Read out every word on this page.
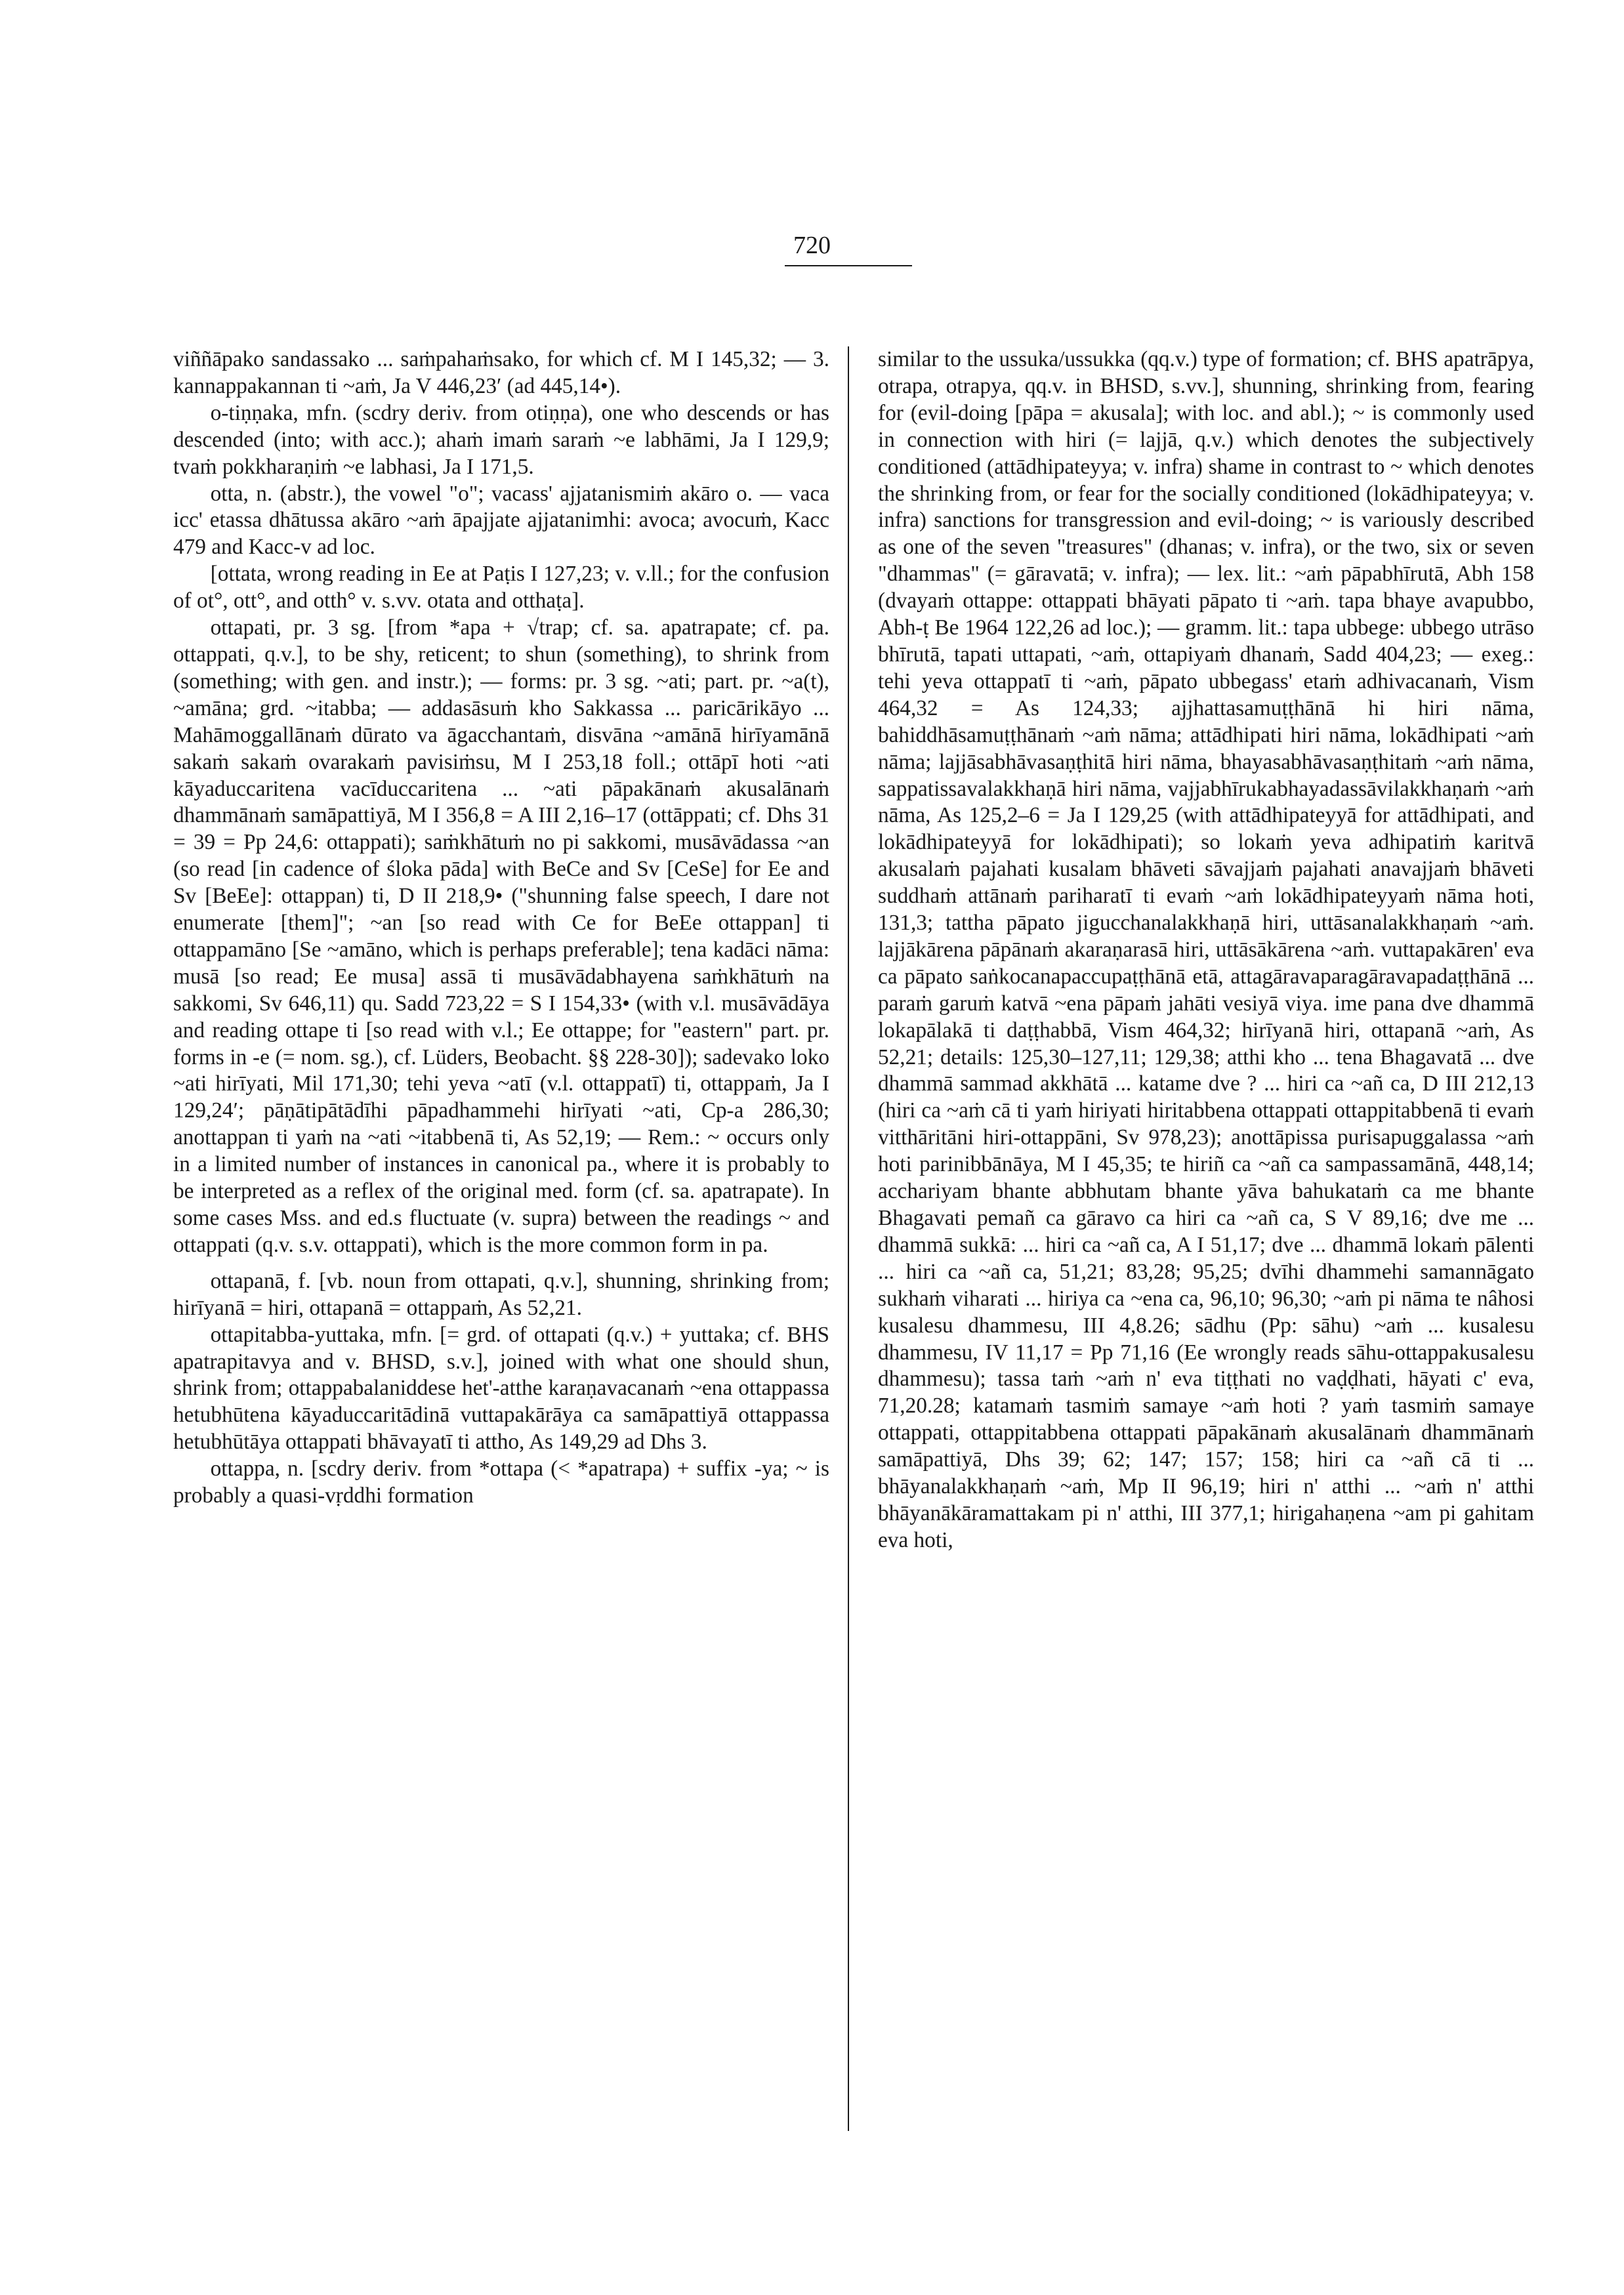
720

viññāpako sandassako ... saṁpahaṁsako, for which cf. M I 145,32; — 3. kannappakannan ti ~aṁ, Ja V 446,23′ (ad 445,14•).

o-tiṇṇaka, mfn. (scdry deriv. from otiṇṇa), one who descends or has descended (into; with acc.); ahaṁ imaṁ saraṁ ~e labhāmi, Ja I 129,9; tvaṁ pokkharaṇiṁ ~e labhasi, Ja I 171,5.

otta, n. (abstr.), the vowel "o"; vacass' ajjatanismiṁ akāro o. — vaca icc' etassa dhātussa akāro ~aṁ āpajjate ajjatanimhi: avoca; avocuṁ, Kacc 479 and Kacc-v ad loc.

[ottata, wrong reading in Ee at Paṭis I 127,23; v. v.ll.; for the confusion of ot°, ott°, and otth° v. s.vv. otata and otthaṭa].

ottapati, pr. 3 sg. [from *apa + √trap; cf. sa. apatrapate; cf. pa. ottappati, q.v.], to be shy, reticent; to shun (something), to shrink from (something; with gen. and instr.); — forms: pr. 3 sg. ~ati; part. pr. ~a(t), ~amāna; grd. ~itabba; — addasāsuṁ kho Sakkassa ... paricārikāyo ... Mahāmoggallānaṁ dūrato va āgacchantaṁ, disvāna ~amānā hirīyamānā sakaṁ sakaṁ ovarakaṁ pavisiṁsu, M I 253,18 foll.; ottāpī hoti ~ati kāyaduccaritena vacīduccaritena ... ~ati pāpakānaṁ akusalānaṁ dhammānaṁ samāpattiyā, M I 356,8 = A III 2,16–17 (ottāppati; cf. Dhs 31 = 39 = Pp 24,6: ottappati); saṁkhātuṁ no pi sakkomi, musāvādassa ~an (so read [in cadence of śloka pāda] with BeCe and Sv [CeSe] for Ee and Sv [BeEe]: ottappan) ti, D II 218,9• ("shunning false speech, I dare not enumerate [them]"; ~an [so read with Ce for BeEe ottappan] ti ottappamāno [Se ~amāno, which is perhaps preferable]; tena kadāci nāma: musā [so read; Ee musa] assā ti musāvādabhayena saṁkhātuṁ na sakkomi, Sv 646,11) qu. Sadd 723,22 = S I 154,33• (with v.l. musāvādāya and reading ottape ti [so read with v.l.; Ee ottappe; for "eastern" part. pr. forms in -e (= nom. sg.), cf. Lüders, Beobacht. §§ 228-30]); sadevako loko ~ati hirīyati, Mil 171,30; tehi yeva ~atī (v.l. ottappatī) ti, ottappaṁ, Ja I 129,24′; pāṇātipātādīhi pāpadhammehi hirīyati ~ati, Cp-a 286,30; anottappan ti yaṁ na ~ati ~itabbenā ti, As 52,19; — Rem.: ~ occurs only in a limited number of instances in canonical pa., where it is probably to be interpreted as a reflex of the original med. form (cf. sa. apatrapate). In some cases Mss. and ed.s fluctuate (v. supra) between the readings ~ and ottappati (q.v. s.v. ottappati), which is the more common form in pa.

ottapanā, f. [vb. noun from ottapati, q.v.], shunning, shrinking from; hirīyanā = hiri, ottapanā = ottappaṁ, As 52,21.

ottapitabba-yuttaka, mfn. [= grd. of ottapati (q.v.) + yuttaka; cf. BHS apatrapitavya and v. BHSD, s.v.], joined with what one should shun, shrink from; ottappabalaniddese het'-atthe karaṇavacanaṁ ~ena ottappassa hetubhūtena kāyaduccaritādinā vuttapakārāya ca samāpattiyā ottappassa hetubhūtāya ottappati bhāvayatī ti attho, As 149,29 ad Dhs 3.

ottappa, n. [scdry deriv. from *ottapa (< *apatrapa) + suffix -ya; ~ is probably a quasi-vṛddhi formation

similar to the ussuka/ussukka (qq.v.) type of formation; cf. BHS apatrāpya, otrapa, otrapya, qq.v. in BHSD, s.vv.], shunning, shrinking from, fearing for (evil-doing [pāpa = akusala]; with loc. and abl.); ~ is commonly used in connection with hiri (= lajjā, q.v.) which denotes the subjectively conditioned (attādhipateyya; v. infra) shame in contrast to ~ which denotes the shrinking from, or fear for the socially conditioned (lokādhipateyya; v. infra) sanctions for transgression and evil-doing; ~ is variously described as one of the seven "treasures" (dhanas; v. infra), or the two, six or seven "dhammas" (= gāravatā; v. infra); — lex. lit.: ~aṁ pāpabhīrutā, Abh 158 (dvayaṁ ottappe: ottappati bhāyati pāpato ti ~aṁ. tapa bhaye avapubbo, Abh-ṭ Be 1964 122,26 ad loc.); — gramm. lit.: tapa ubbege: ubbego utrāso bhīrutā, tapati uttapati, ~aṁ, ottapiyaṁ dhanaṁ, Sadd 404,23; — exeg.: tehi yeva ottappatī ti ~aṁ, pāpato ubbegass' etaṁ adhivacanaṁ, Vism 464,32 = As 124,33; ajjhattasamuṭṭhānā hi hiri nāma, bahiddhāsamuṭṭhānaṁ ~aṁ nāma; attādhipati hiri nāma, lokādhipati ~aṁ nāma; lajjāsabhāvasaṇṭhitā hiri nāma, bhayasabhāvasaṇṭhitaṁ ~aṁ nāma, sappatissavalakkhaṇā hiri nāma, vajjabhīrukabhayadassāvilakkhaṇaṁ ~aṁ nāma, As 125,2–6 = Ja I 129,25 (with attādhipateyyā for attādhipati, and lokādhipateyyā for lokādhipati); so lokaṁ yeva adhipatiṁ karitvā akusalaṁ pajahati kusalam bhāveti sāvajjaṁ pajahati anavajjaṁ bhāveti suddhaṁ attānaṁ pariharatī ti evaṁ ~aṁ lokādhipateyyaṁ nāma hoti, 131,3; tattha pāpato jigucchanalakkhaṇā hiri, uttāsanalakkhaṇaṁ ~aṁ. lajjākārena pāpānaṁ akaraṇarasā hiri, uttāsākārena ~aṁ. vuttapakāren' eva ca pāpato saṅkocanapaccupaṭṭhānā etā, attagāravaparagāravapadaṭṭhānā ... paraṁ garuṁ katvā ~ena pāpaṁ jahāti vesiyā viya. ime pana dve dhammā lokapālakā ti daṭṭhabbā, Vism 464,32; hirīyanā hiri, ottapanā ~aṁ, As 52,21; details: 125,30–127,11; 129,38; atthi kho ... tena Bhagavatā ... dve dhammā sammad akkhātā ... katame dve ? ... hiri ca ~añ ca, D III 212,13 (hiri ca ~aṁ cā ti yaṁ hiriyati hiritabbena ottappati ottappitabbenā ti evaṁ vitthāritāni hiri-ottappāni, Sv 978,23); anottāpissa purisapuggalassa ~aṁ hoti parinibbānāya, M I 45,35; te hiriñ ca ~añ ca sampassamānā, 448,14; acchariyam bhante abbhutam bhante yāva bahukataṁ ca me bhante Bhagavati pemañ ca gāravo ca hiri ca ~añ ca, S V 89,16; dve me ... dhammā sukkā: ... hiri ca ~añ ca, A I 51,17; dve ... dhammā lokaṁ pālenti ... hiri ca ~añ ca, 51,21; 83,28; 95,25; dvīhi dhammehi samannāgato sukhaṁ viharati ... hiriya ca ~ena ca, 96,10; 96,30; ~aṁ pi nāma te nâhosi kusalesu dhammesu, III 4,8.26; sādhu (Pp: sāhu) ~aṁ ... kusalesu dhammesu, IV 11,17 = Pp 71,16 (Ee wrongly reads sāhu-ottappakusalesu dhammesu); tassa taṁ ~aṁ n' eva tiṭṭhati no vaḍḍhati, hāyati c' eva, 71,20.28; katamaṁ tasmiṁ samaye ~aṁ hoti ? yaṁ tasmiṁ samaye ottappati, ottappitabbena ottappati pāpakānaṁ akusalānaṁ dhammānaṁ samāpattiyā, Dhs 39; 62; 147; 157; 158; hiri ca ~añ cā ti ... bhāyanalakkhaṇaṁ ~aṁ, Mp II 96,19; hiri n' atthi ... ~aṁ n' atthi bhāyanākāramattakam pi n' atthi, III 377,1; hirigahaṇena ~am pi gahitam eva hoti,
